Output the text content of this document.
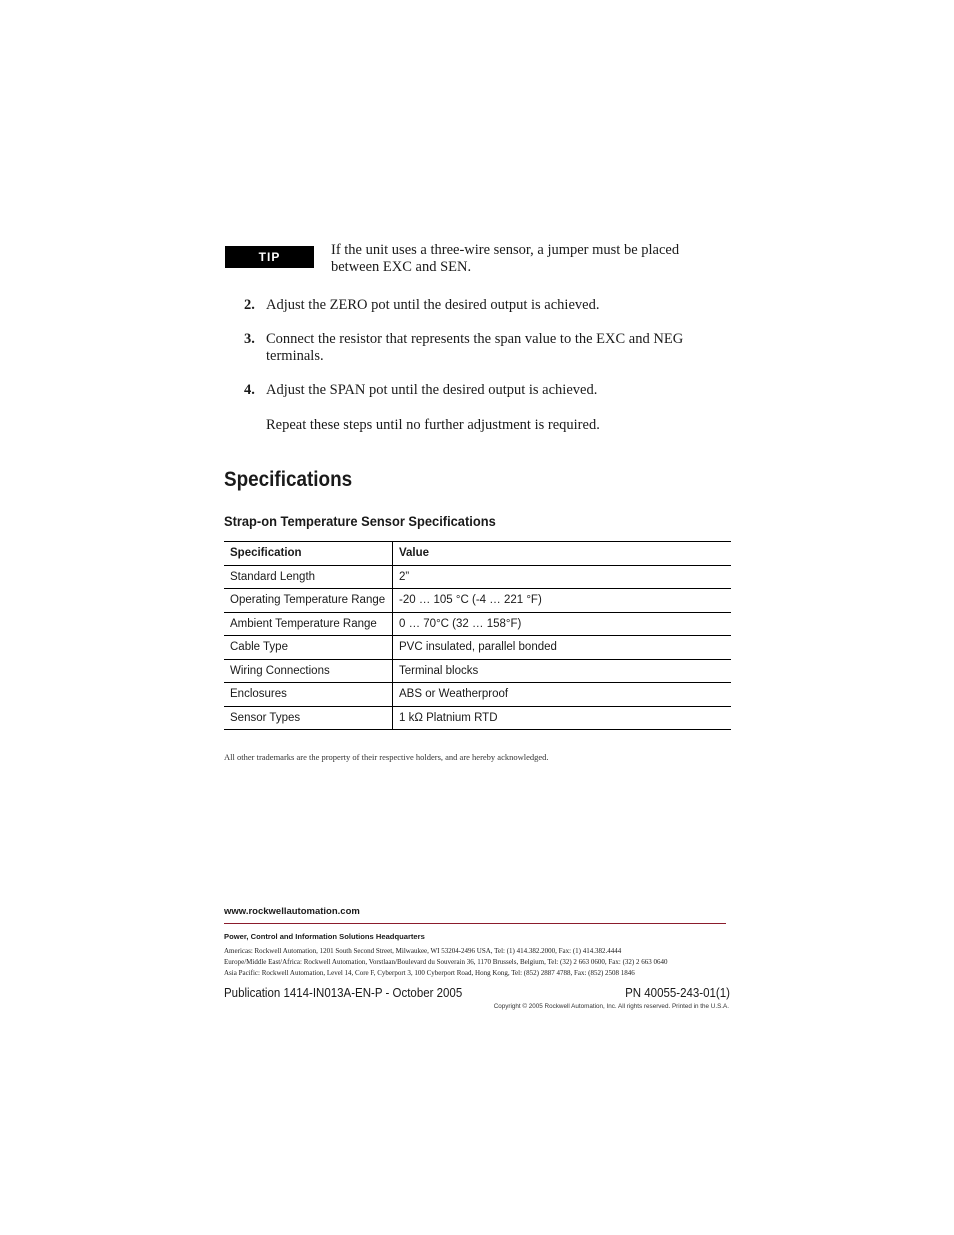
TIP	If the unit uses a three-wire sensor, a jumper must be placed between EXC and SEN.
2. Adjust the ZERO pot until the desired output is achieved.
3. Connect the resistor that represents the span value to the EXC and NEG terminals.
4. Adjust the SPAN pot until the desired output is achieved.
Repeat these steps until no further adjustment is required.
Specifications
Strap-on Temperature Sensor Specifications
Specification	Value
Standard Length	2”
Operating Temperature Range	-20 … 105 °C (-4 … 221 °F)
Ambient Temperature Range	0 … 70°C (32 … 158°F)
Cable Type	PVC insulated, parallel bonded
Wiring Connections	Terminal blocks
Enclosures	ABS or Weatherproof
Sensor Types	1 kΩ Platnium RTD
All other trademarks are the property of their respective holders, and are hereby acknowledged.
www.rockwellautomation.com
Power, Control and Information Solutions Headquarters
Americas: Rockwell Automation, 1201 South Second Street, Milwaukee, WI 53204-2496 USA, Tel: (1) 414.382.2000, Fax: (1) 414.382.4444
Europe/Middle East/Africa: Rockwell Automation, Vorstlaan/Boulevard du Souverain 36, 1170 Brussels, Belgium, Tel: (32) 2 663 0600, Fax: (32) 2 663 0640
Asia Pacific: Rockwell Automation, Level 14, Core F, Cyberport 3, 100 Cyberport Road, Hong Kong, Tel: (852) 2887 4788, Fax: (852) 2508 1846
Publication 1414-IN013A-EN-P - October 2005	PN 40055-243-01(1)
Copyright © 2005 Rockwell Automation, Inc. All rights reserved. Printed in the U.S.A.
